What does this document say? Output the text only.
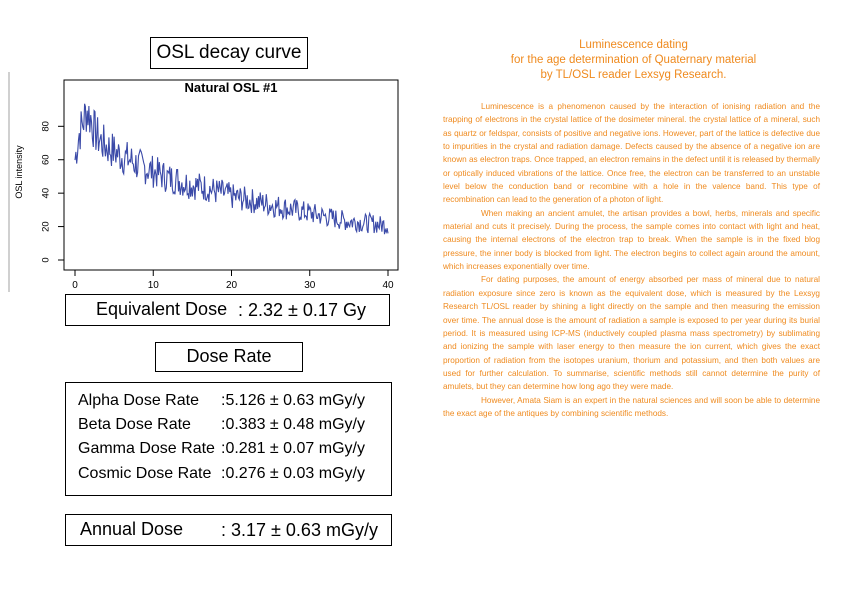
OSL decay curve
Natural OSL #1
OSL intensity
0
20
40
60
80
0	10	20	30	40
Equivalent Dose : 2.32 ± 0.17 Gy
Dose Rate
Alpha Dose Rate :5.126 ± 0.63 mGy/y
Beta Dose Rate :0.383 ± 0.48 mGy/y
Gamma Dose Rate :0.281 ± 0.07 mGy/y
Cosmic Dose Rate :0.276 ± 0.03 mGy/y
Annual Dose : 3.17 ± 0.63 mGy/y
Luminescence dating
for the age determination of Quaternary material
by TL/OSL reader Lexsyg Research.

Luminescence is a phenomenon caused by the interaction of ionising radiation and the trapping of electrons in the crystal lattice of the dosimeter mineral. the crystal lattice of a mineral, such as quartz or feldspar, consists of positive and negative ions. However, part of the lattice is defective due to impurities in the crystal and radiation damage. Defects caused by the absence of a negative ion are known as electron traps. Once trapped, an electron remains in the defect until it is released by thermally or optically induced vibrations of the lattice. Once free, the electron can be transferred to an unstable level below the conduction band or recombine with a hole in the valence band. This type of recombination can lead to the generation of a photon of light.

When making an ancient amulet, the artisan provides a bowl, herbs, minerals and specific material and cuts it precisely. During the process, the sample comes into contact with light and heat, causing the internal electrons of the electron trap to break. When the sample is in the fixed blog pressure, the inner body is blocked from light. The electron begins to collect again around the amount, which increases exponentially over time.

For dating purposes, the amount of energy absorbed per mass of mineral due to natural radiation exposure since zero is known as the equivalent dose, which is measured by the Lexsyg Research TL/OSL reader by shining a light directly on the sample and then measuring the emission over time. The annual dose is the amount of radiation a sample is exposed to per year during its burial period. It is measured using ICP-MS (inductively coupled plasma mass spectrometry) by sublimating and ionizing the sample with laser energy to then measure the ion current, which gives the exact proportion of radiation from the isotopes uranium, thorium and potassium, and then both values are used for further calculation. To summarise, scientific methods still cannot determine the purity of amulets, but they can determine how long ago they were made.

However, Amata Siam is an expert in the natural sciences and will soon be able to determine the exact age of the antiques by combining scientific methods.
